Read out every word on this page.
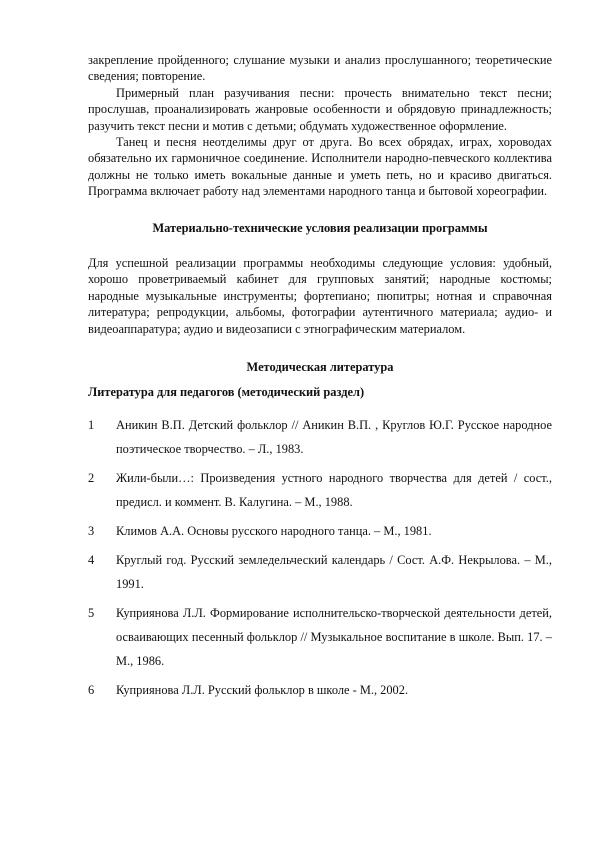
закрепление пройденного; слушание музыки и анализ прослушанного; теоретические сведения; повторение.

Примерный план разучивания песни: прочесть внимательно текст песни; прослушав, проанализировать жанровые особенности и обрядовую принадлежность; разучить текст песни и мотив с детьми; обдумать художественное оформление.

Танец и песня неотделимы друг от друга. Во всех обрядах, играх, хороводах обязательно их гармоничное соединение. Исполнители народно-певческого коллектива должны не только иметь вокальные данные и уметь петь, но и красиво двигаться. Программа включает работу над элементами народного танца и бытовой хореографии.

Материально-технические условия реализации программы

Для успешной реализации программы необходимы следующие условия: удобный, хорошо проветриваемый кабинет для групповых занятий; народные костюмы; народные музыкальные инструменты; фортепиано; пюпитры; нотная и справочная литература; репродукции, альбомы, фотографии аутентичного материала; аудио- и видеоаппаратура; аудио и видеозаписи с этнографическим материалом.

Методическая литература

Литература для педагогов (методический раздел)

1	Аникин В.П. Детский фольклор // Аникин В.П. , Круглов Ю.Г. Русское народное поэтическое творчество. – Л., 1983.
2	Жили-были…: Произведения устного народного творчества для детей / сост., предисл. и коммент. В. Калугина. – М., 1988.
3	Климов А.А. Основы русского народного танца. – М., 1981.
4	Круглый год. Русский земледельческий календарь / Сост. А.Ф. Некрылова. – М., 1991.
5	Куприянова Л.Л. Формирование исполнительско-творческой деятельности детей, осваивающих песенный фольклор // Музыкальное воспитание в школе. Вып. 17. – М., 1986.
6	Куприянова Л.Л. Русский фольклор в школе - М., 2002.
